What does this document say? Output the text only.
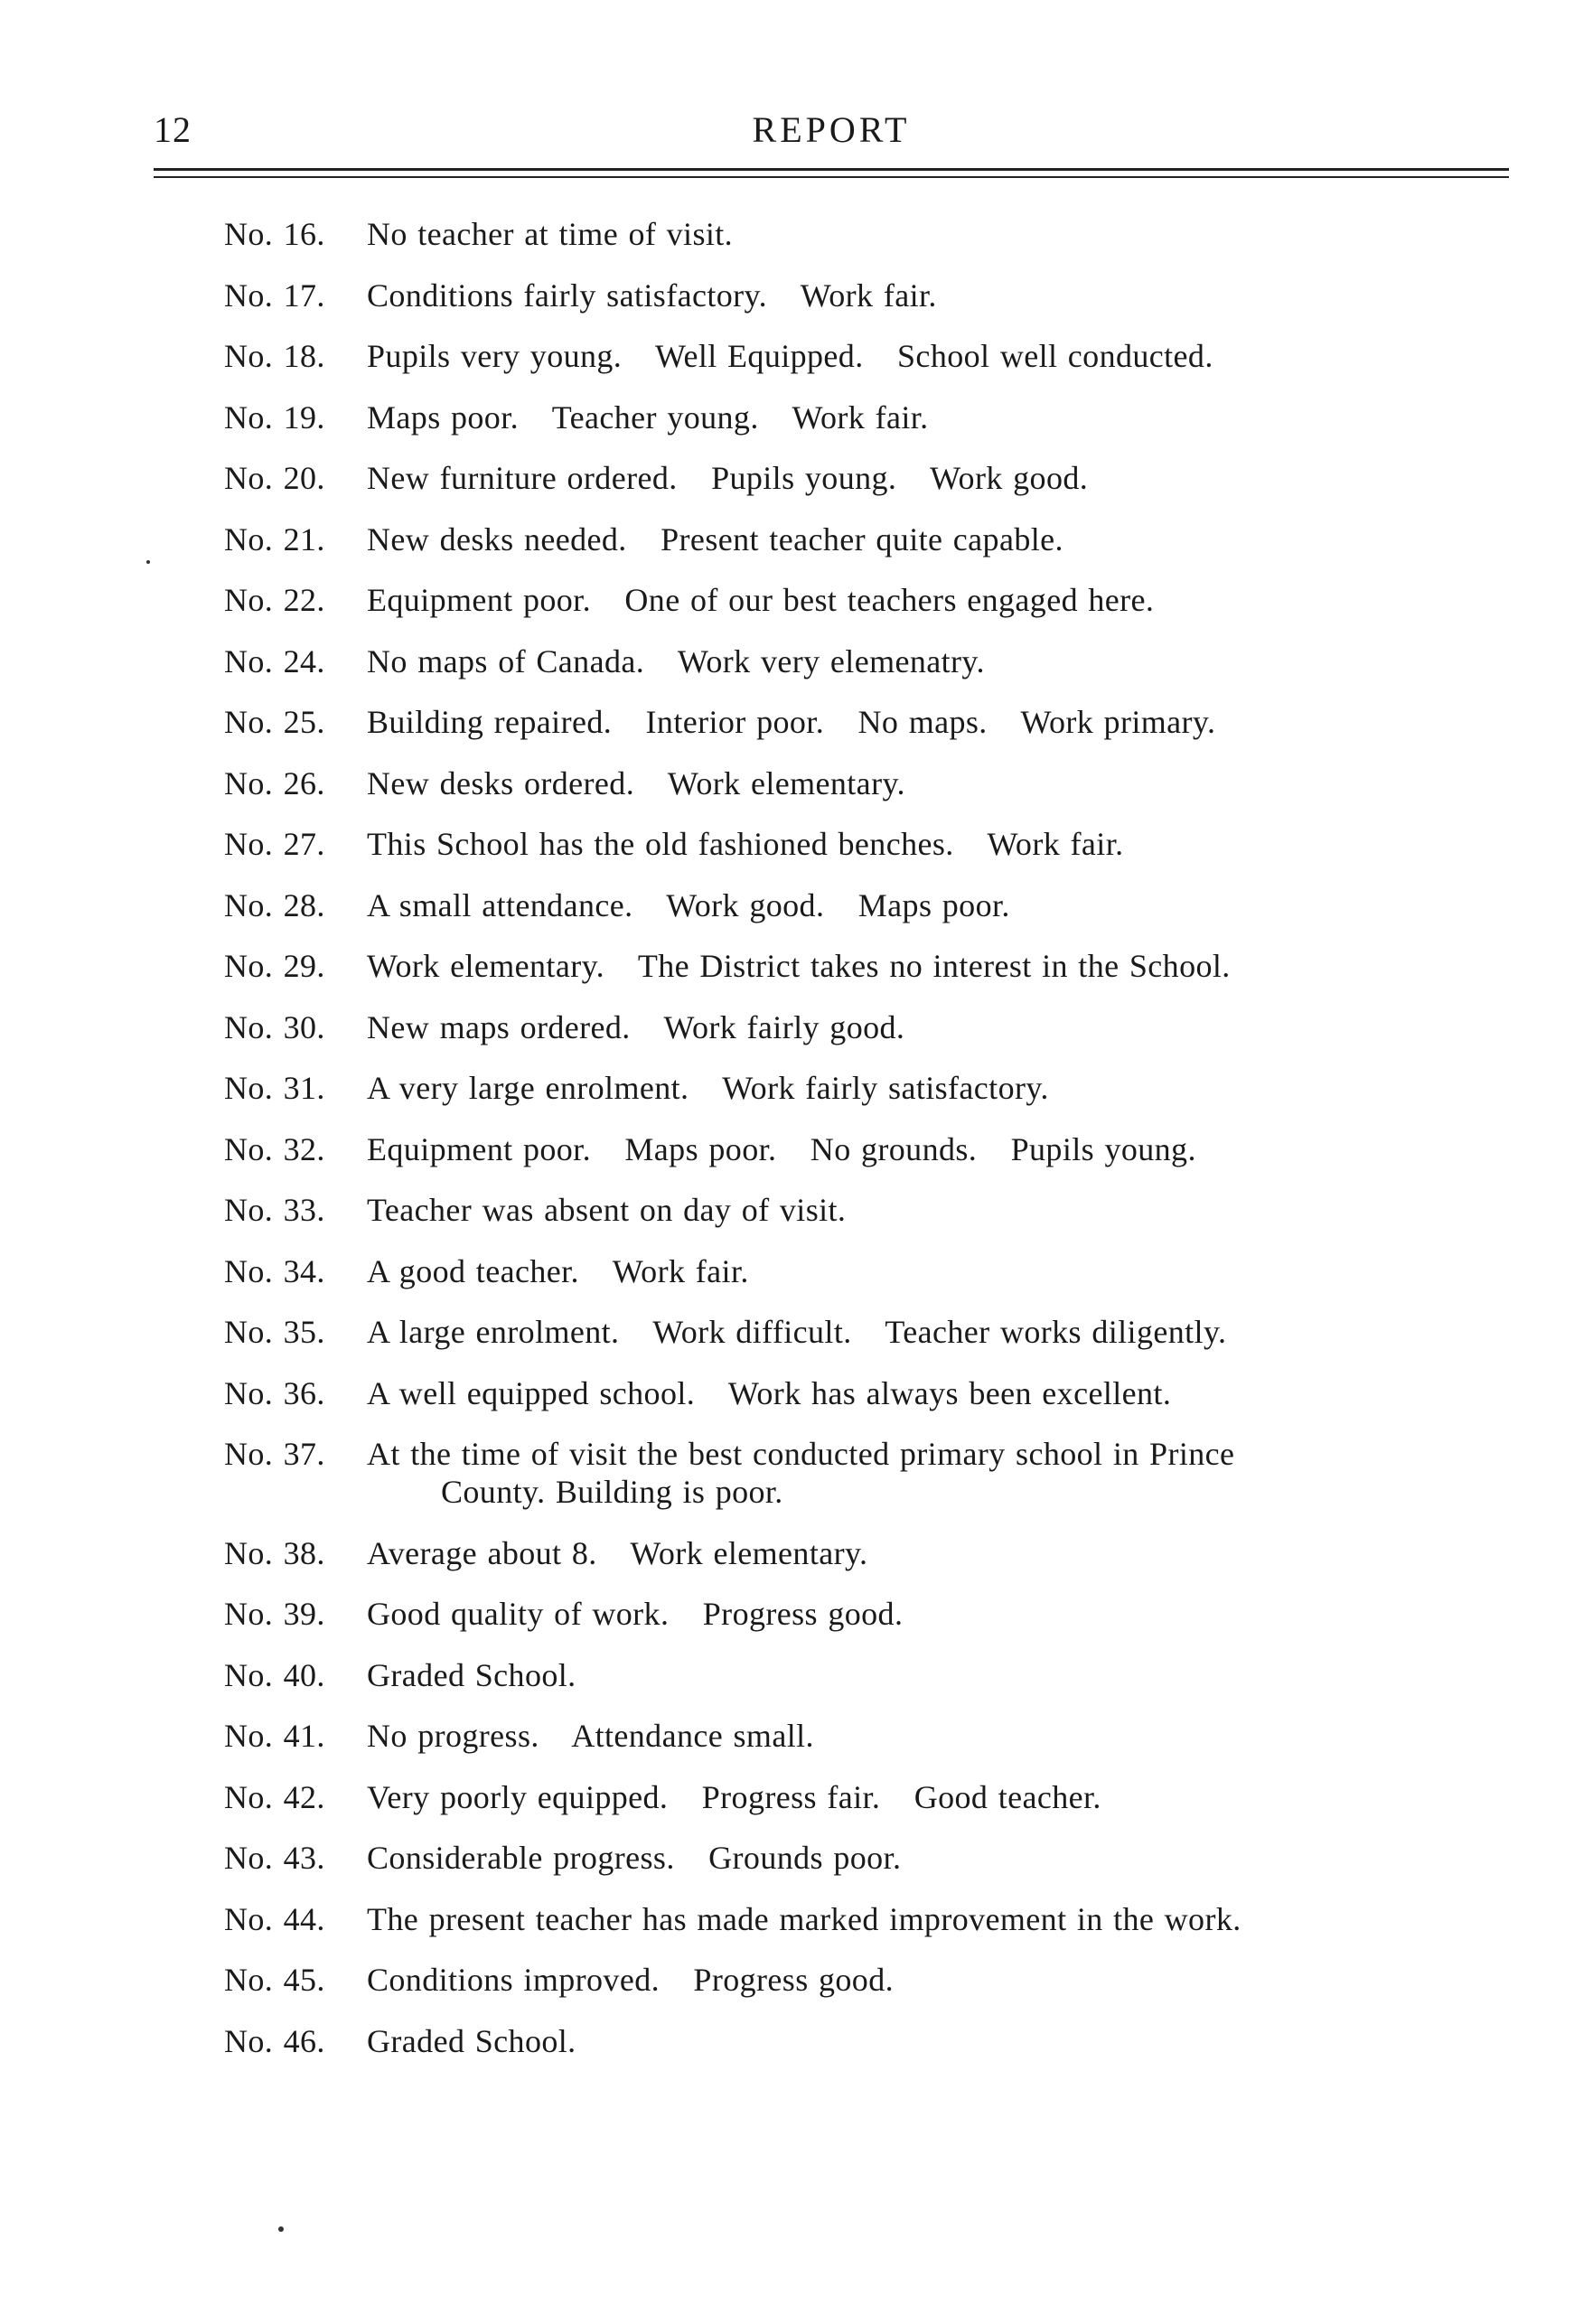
12	REPORT
No. 16.	No teacher at time of visit.
No. 17.	Conditions fairly satisfactory. Work fair.
No. 18.	Pupils very young. Well Equipped. School well conducted.
No. 19.	Maps poor. Teacher young. Work fair.
No. 20.	New furniture ordered. Pupils young. Work good.
No. 21.	New desks needed. Present teacher quite capable.
No. 22.	Equipment poor. One of our best teachers engaged here.
No. 24.	No maps of Canada. Work very elemenatry.
No. 25.	Building repaired. Interior poor. No maps. Work primary.
No. 26.	New desks ordered. Work elementary.
No. 27.	This School has the old fashioned benches. Work fair.
No. 28.	A small attendance. Work good. Maps poor.
No. 29.	Work elementary. The District takes no interest in the School.
No. 30.	New maps ordered. Work fairly good.
No. 31.	A very large enrolment. Work fairly satisfactory.
No. 32.	Equipment poor. Maps poor. No grounds. Pupils young.
No. 33.	Teacher was absent on day of visit.
No. 34.	A good teacher. Work fair.
No. 35.	A large enrolment. Work difficult. Teacher works diligently.
No. 36.	A well equipped school. Work has always been excellent.
No. 37.	At the time of visit the best conducted primary school in Prince
County. Building is poor.
No. 38.	Average about 8. Work elementary.
No. 39.	Good quality of work. Progress good.
No. 40.	Graded School.
No. 41.	No progress. Attendance small.
No. 42.	Very poorly equipped. Progress fair. Good teacher.
No. 43.	Considerable progress. Grounds poor.
No. 44.	The present teacher has made marked improvement in the work.
No. 45.	Conditions improved. Progress good.
No. 46.	Graded School.
